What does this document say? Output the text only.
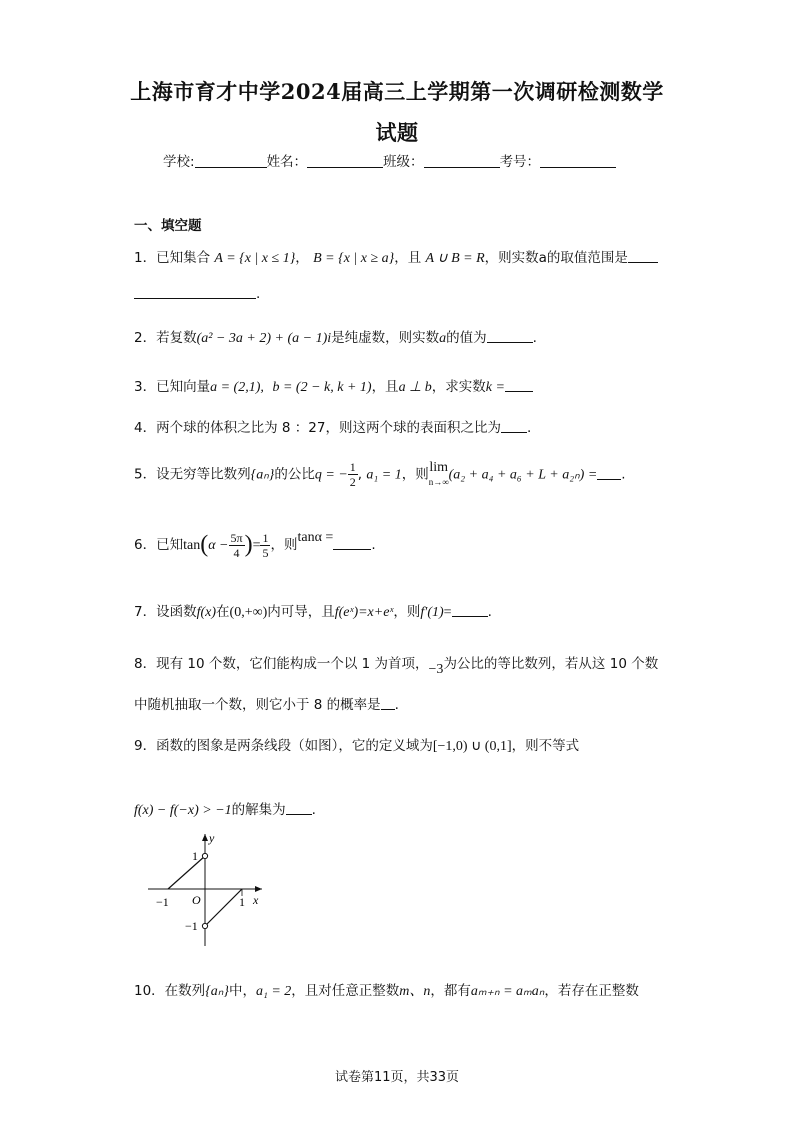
上海市育才中学2024届高三上学期第一次调研检测数学
试题
学校:	姓名：	班级：	考号：
一、填空题
1．已知集合 A = {x | x ≤ 1}， B = {x | x ≥ a}，且 A ∪ B = R，则实数a的取值范围是
.
2．若复数(a² − 3a + 2) + (a − 1)i是纯虚数，则实数a的值为	.
3．已知向量a = (2,1), b = (2 − k, k + 1)，且a ⊥ b，求实数k =
4．两个球的体积之比为 8 ：27，则这两个球的表面积之比为 .
5．设无穷等比数列{aₙ}的公比q = − $\frac{1}{2}$ , a₁ = 1，则 lim
n→∞ (a₂ + a₄ + a₆ + L + a₂ₙ) = .
6．已知$\tan(\alpha - \frac{5\pi}{4}$ )= $\frac{1}{5}$ ，则tanα =	.
7．设函数f(x)在(0,+∞)内可导，且f(eˣ)=x+eˣ，则f′(1)=	.
8．现有 10 个数，它们能构成一个以 1 为首项，−3为公比的等比数列，若从这 10 个数
中随机抽取一个数，则它小于 8 的概率是 .
9．函数的图象是两条线段（如图），它的定义域为[−1,0) ∪ (0,1]，则不等式
f(x) − f(−x) > −1的解集为 .
y
x
O
1
−1
−1	1
10．在数列{aₙ}中，a₁ = 2，且对任意正整数m、n，都有aₘ₊ₙ = aₘaₙ，若存在正整数
试卷第11页，共33页
